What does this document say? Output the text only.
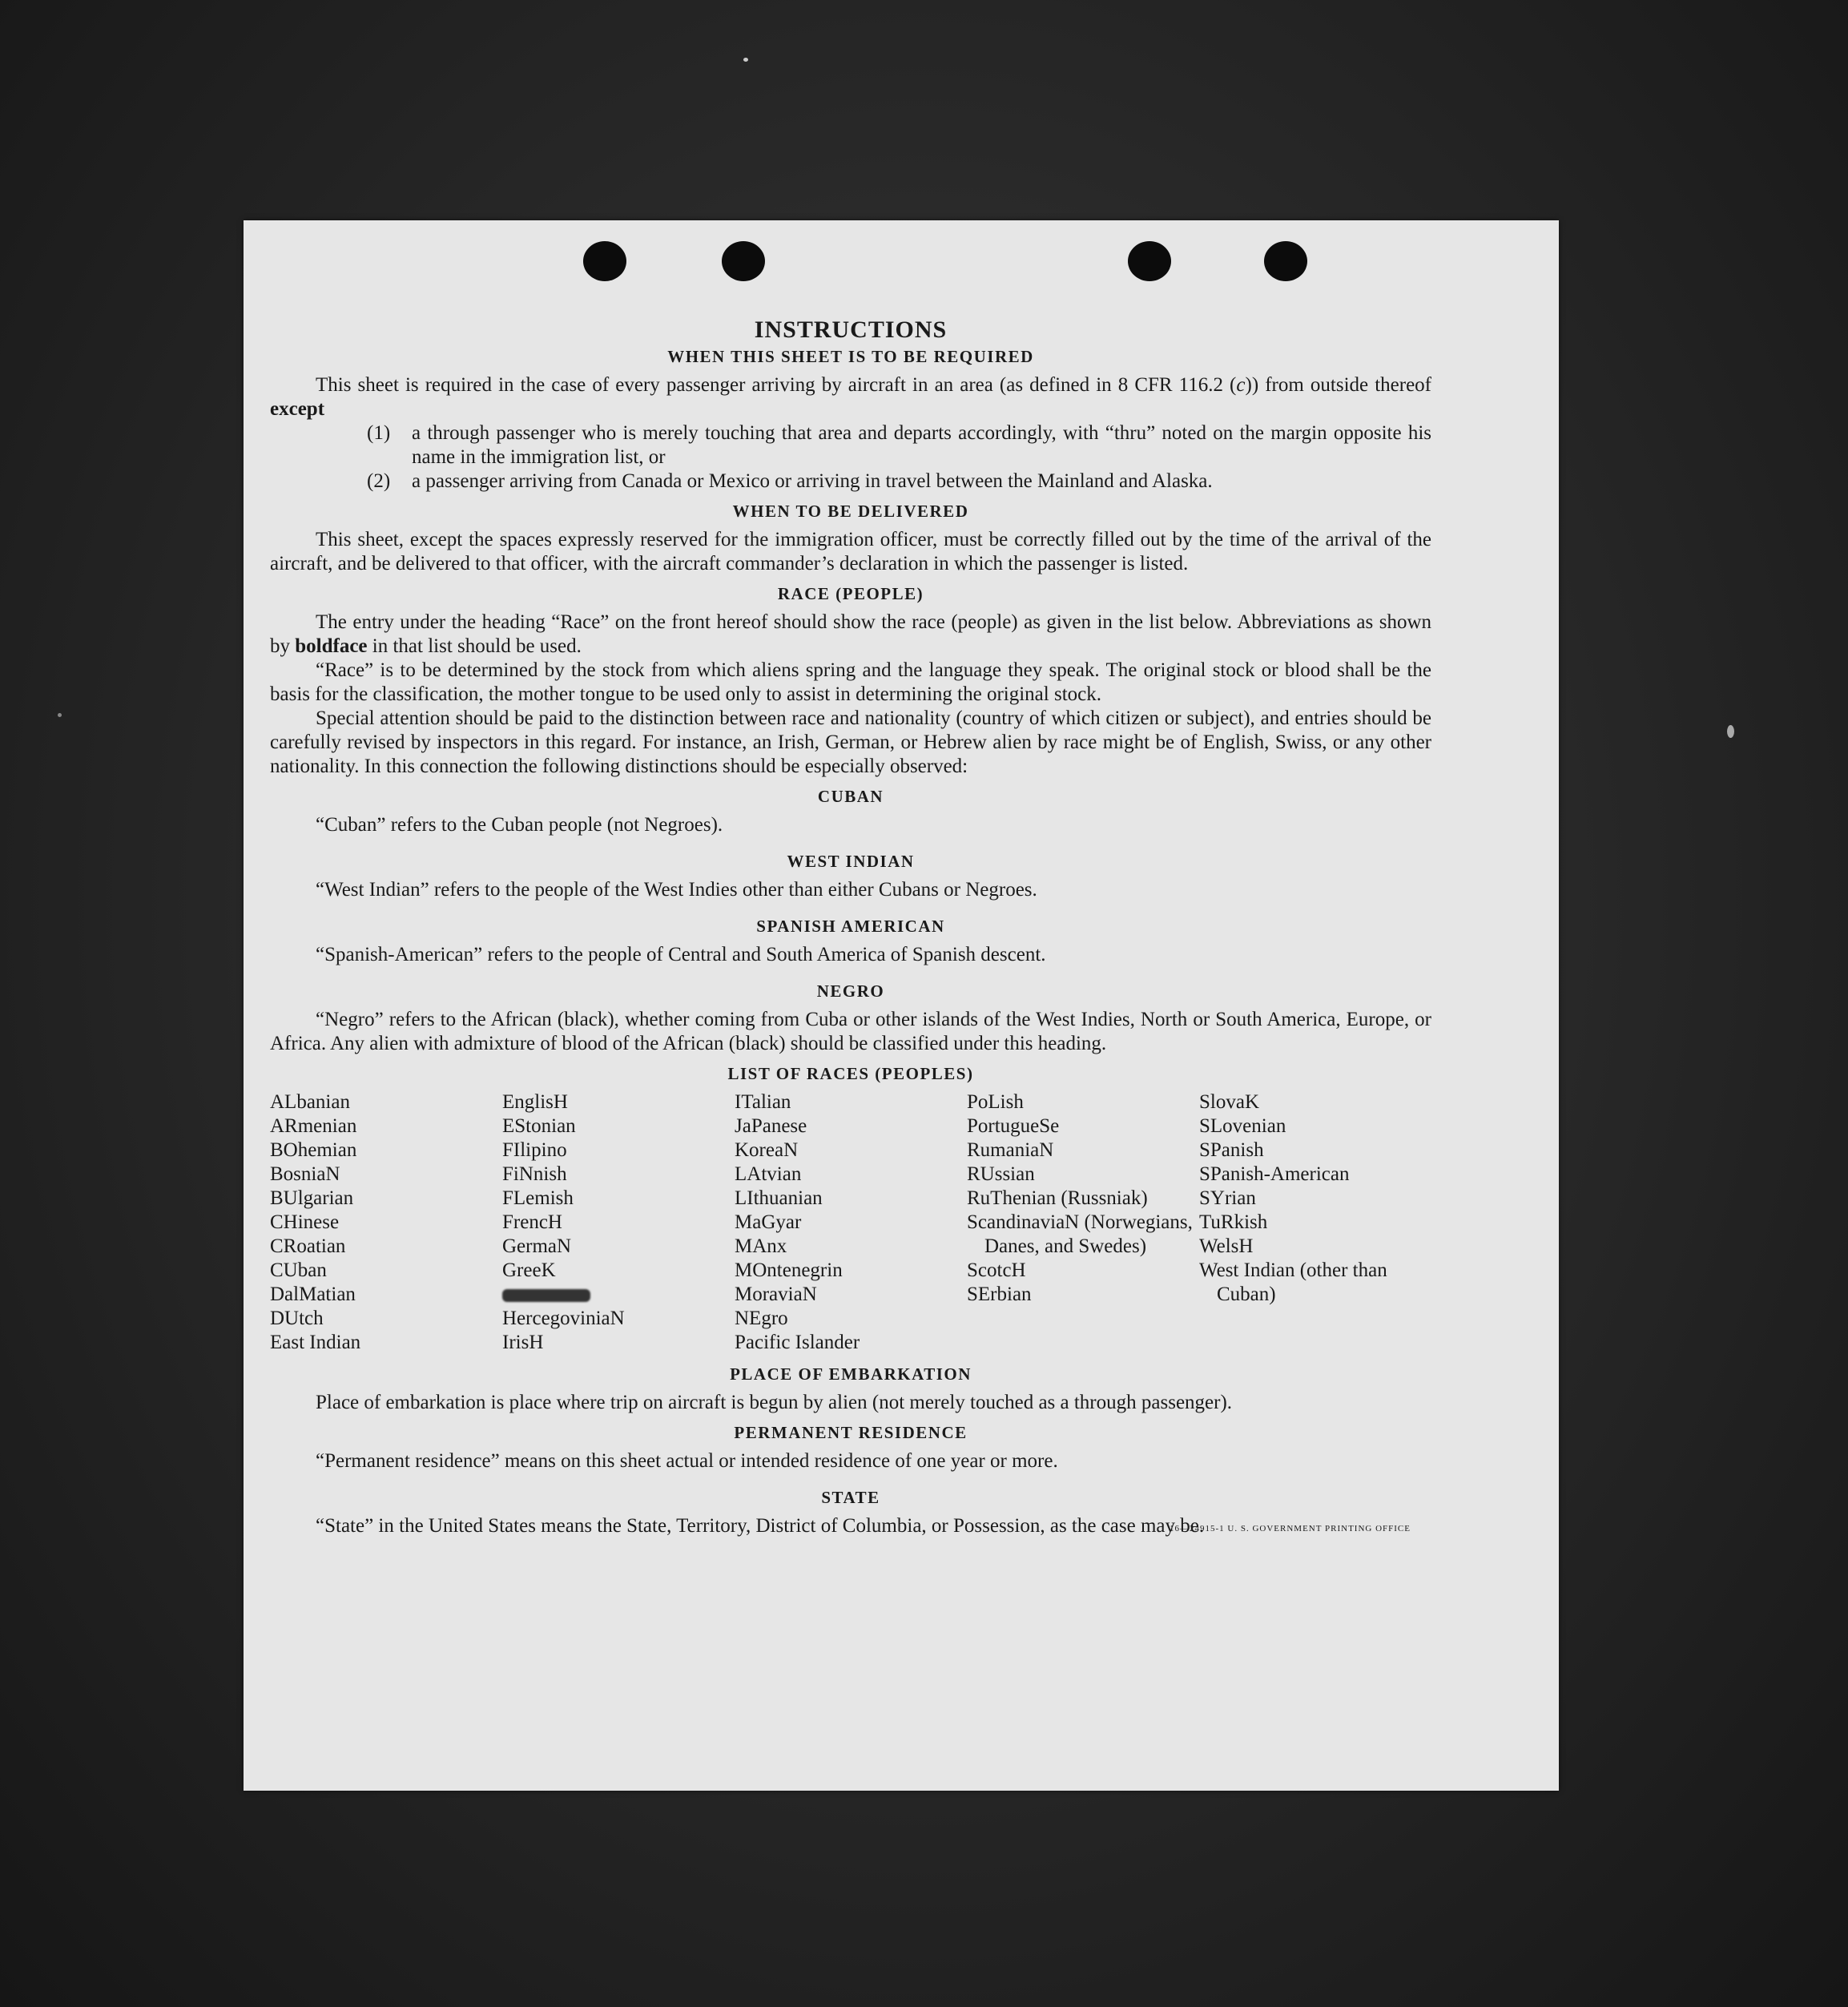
INSTRUCTIONS
WHEN THIS SHEET IS TO BE REQUIRED

This sheet is required in the case of every passenger arriving by aircraft in an area (as defined in 8 CFR 116.2 (c)) from outside thereof except

(1)	a through passenger who is merely touching that area and departs accordingly, with “thru” noted on the margin opposite his name in the immigration list, or
(2)	a passenger arriving from Canada or Mexico or arriving in travel between the Mainland and Alaska.
WHEN TO BE DELIVERED

This sheet, except the spaces expressly reserved for the immigration officer, must be correctly filled out by the time of the arrival of the aircraft, and be delivered to that officer, with the aircraft commander’s declaration in which the passenger is listed.

RACE (PEOPLE)

The entry under the heading “Race” on the front hereof should show the race (people) as given in the list below. Abbreviations as shown by boldface in that list should be used.

“Race” is to be determined by the stock from which aliens spring and the language they speak. The original stock or blood shall be the basis for the classification, the mother tongue to be used only to assist in determining the original stock.

Special attention should be paid to the distinction between race and nationality (country of which citizen or subject), and entries should be carefully revised by inspectors in this regard. For instance, an Irish, German, or Hebrew alien by race might be of English, Swiss, or any other nationality. In this connection the following distinctions should be especially observed:

CUBAN

“Cuban” refers to the Cuban people (not Negroes).

WEST INDIAN

“West Indian” refers to the people of the West Indies other than either Cubans or Negroes.

SPANISH AMERICAN

“Spanish-American” refers to the people of Central and South America of Spanish descent.

NEGRO

“Negro” refers to the African (black), whether coming from Cuba or other islands of the West Indies, North or South America, Europe, or Africa. Any alien with admixture of blood of the African (black) should be classified under this heading.

LIST OF RACES (PEOPLES)
ALbanian
ARmenian
BOhemian
BosniaN
BUlgarian
CHinese
CRoatian
CUban
DalMatian
DUtch
East Indian
EnglisH
EStonian
FIlipino
FiNnish
FLemish
FrencH
GermaN
GreeK
HercegoviniaN
IrisH
ITalian
JaPanese
KoreaN
LAtvian
LIthuanian
MaGyar
MAnx
MOntenegrin
MoraviaN
NEgro
Pacific Islander
PoLish
PortugueSe
RumaniaN
RUssian
RuThenian (Russniak)
ScandinaviaN (Norwegians, Danes, and Swedes)
ScotcH
SErbian
SlovaK
SLovenian
SPanish
SPanish-American
SYrian
TuRkish
WelsH
West Indian (other than Cuban)
PLACE OF EMBARKATION

Place of embarkation is place where trip on aircraft is begun by alien (not merely touched as a through passenger).

PERMANENT RESIDENCE

“Permanent residence” means on this sheet actual or intended residence of one year or more.

STATE

“State” in the United States means the State, Territory, District of Columbia, or Possession, as the case may be.

16—24915-1 U. S. GOVERNMENT PRINTING OFFICE
